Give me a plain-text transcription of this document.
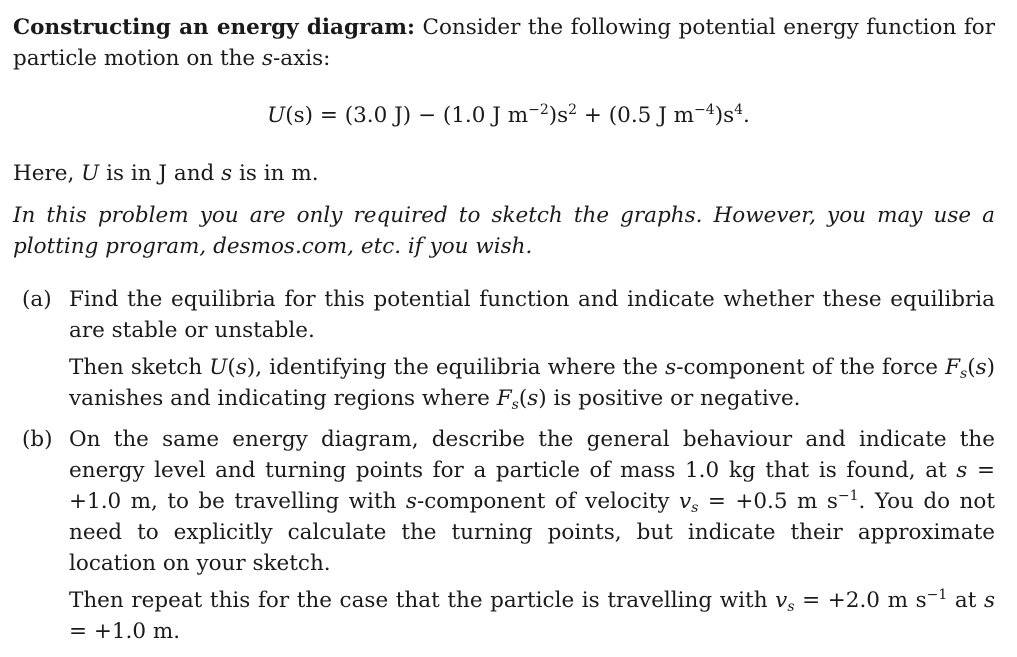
Constructing an energy diagram: Consider the following potential energy function for particle motion on the s-axis:

U(s) = (3.0 J) − (1.0 J $m^{-2})s^2 + (0.5$ J $m^{-4})s^4$.

Here, U is in J and s is in m.

In this problem you are only required to sketch the graphs. However, you may use a plotting program, desmos.com, etc. if you wish.

(a) Find the equilibria for this potential function and indicate whether these equilibria are stable or unstable.

Then sketch U(s), identifying the equilibria where the s-component of the force $F_s(s)$ vanishes and indicating regions where $F_s(s)$ is positive or negative.

(b) On the same energy diagram, describe the general behaviour and indicate the energy level and turning points for a particle of mass 1.0 kg that is found, at s = +1.0 m, to be travelling with s-component of velocity $v_s = +0.5$ m $s^{-1}$. You do not need to explicitly calculate the turning points, but indicate their approximate location on your sketch.

Then repeat this for the case that the particle is travelling with $v_s = +2.0$ m $s^{-1}$ at s = +1.0 m.
